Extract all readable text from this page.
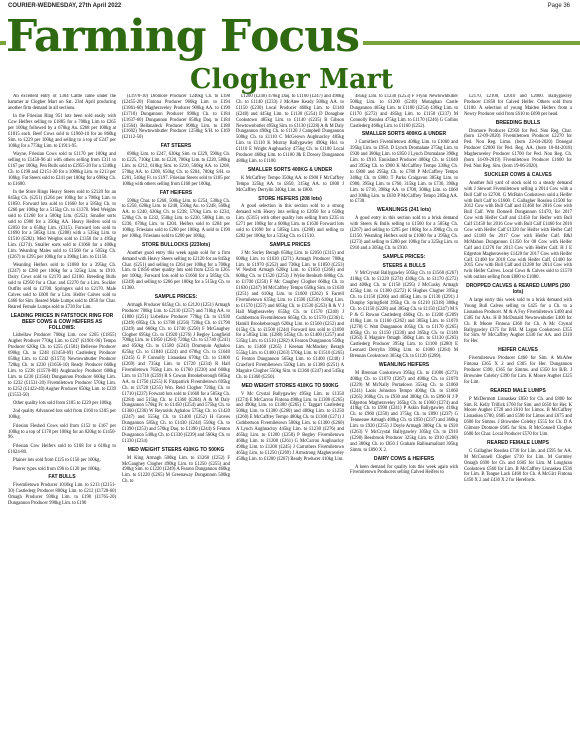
COURIER-WEDNESDAY, 27th April 2022	Page 36
Farming Focus
Clogher Mart

An excellent entry of 1304 Cattle came under the hammer at Clogher Mart on Sat. 23rd April producing another firm demand in all sections.

In the Friesian Ring 951 lots been sold easily with Cow Heifers selling to £1885 for a 700kg Lim to £265 per 100kg followed by a 670kg Au. £268 per 100kg at £1815 each. Beef Cows sold to £1960-10 for an 860kg Sim. to £229 per 100kg and selling to a top of £247 per 100kg for a 773kg Lim. to £1911-95.

Wayne, Friesian Cows sold to £1170 per 100kg and selling to £1450-96 all with others selling from £311 to £167 per 100kg. Pen Bulls sold to £2955-20 for a 1240kg Ch. to £198 and £2151-30 for a 1080kg Lim. to £213 per 100kg. Fat Steers sold to £241 per 100kg for a 698kg Ch. to £1680.

In the Store Rings Heavy Steers sold to £2120 for an 845kg Ch. (£251) (£264 per 100kg for a 700kg Lim. to £1850. Forward lots sold to £1660 for a 585kg Ch. to £266 per 100kg for a 515kg Ch. to £1370. Med Weights sold to £1260 for a 500kg Lim. (£252). Smaller sorts sold to £900 for a 350kg AA. Heavy Heifers sold to £2050 for a 650kg Lim. (£315). Forward lots sold to £1690 for a 585kg Lim. (£288) with a 535kg Lim. to £1510 (£282). Med Weights sold to £1350 for a 495kg Lim. (£274). Smaller sorts sold to £1060 for a 400kg Lim. Weanling Males sold to £1560 for a 505kg Ch. (£267) to £295 per 100kg for a 390kg Lim. to £1150.

Weanling Heifers sold to £1080 for a 395kg Ch. (£247) to £280 per 100kg for a 325kg Lim. to £910. Dairy Cows sold to £2170 and £2100. Breeding Bulls sold to £2950 for a Char. and £2270 for a Lim. Suckler Outfits sold to £2700. Springers sold to £2170. Male Calves sold to £600 for a Lim. Heifer Calves sold to £460 for Sim. Reared Male Lumps sold to £850 for Char. Reared Female Lumps sold to £730 for Lim.

LEADING PRICES IN FATSTOCK RING FOR BEEF COWS & COW HEIFERS AS FOLLOWS:

Lisbellaw Producer 700kg Lim. cow £265 (£1855) Augher Producer 770kg Lim. to £247 (£1901-96) Tempo Producer 620kg Ch. to £255 (£1581) Bellevue Producer 690kg Ch. to £248 (£1450-69) Castlederg Producer 650kg Lim. to £242 (£1573) Newtownbutler Producer 720kg Ch. to £230 (£1656-10) Ready Producer 660kg Lim. to £238 (£1570-80) Aughnacloy Producer 680kg Lim. to £230 (£1564) Dungannon Producer 660kg Lim. to £232 (£1531-20) Fivemiletown Producer 570kg Lim. to £252 (£1422-40) Augher Producer 650kg Lim. to £239 (£1553-50)

Other quality lots sold from £185 to £229 per 100kg.

2nd quality Advanced lots sold from £160 to £185 per 100kg.

Friesian Fleshed Cows sold from £152 to £167 per 100kg to a top of £178 per 100kg for an 820kg to £1450-96.

Friesian Cow Heifers sold to £168 for a 610kg to £1024-80.

Plainer lots sold from £125 to £150 per 100kg.

Poorer types sold from £96 to £120 per 100kg.

FAT BULLS

Fivemiletown Producer 1010kg Lim. to £213 (£2151-30) Castlederg Producer 800kg Lim. to £212 (£1728-60) Omagh Producer 930kg Lim. to £190 (£1765-20) Dungannon Producer 990kg Lim. to £190

(£1970-10) Dromore Producer 1240kg Ch. to £198 (£2455-20) Fintona Producer 960kg Lim. to £194 (£1861-60) Magheraveley Producer 900kg AA. to £190 (£1710) Dungannon Producer 890kg Ch. to £184 (£1637-60) Dungannon Producer 850kg Daq. to £184 (£1564) Bellanaleck Producer 890kg Lim. to £180 (£1602) Newtownbutler Producer 1250kg S/H. to £169 (£2112-50)

FAT STEERS

690kg Lim. to £247, 630kg Sim. to £229, 590kg Ch. to £225, 710kg Lim. to £220, 700kg Lim. to £220, 580kg Lim. to £212, 610kg Sim. to £210, 560kg AA. to £208, 570kg AA. to £208, 650kg Ch. to £204, 700kg S/H. to £201, 540kg Fr. to £197. Friesian Steers sold to £185 per 100kg with others selling from £168 per 100kg.

FAT HEIFERS

590kg Char. to £268, 500kg Lim. to £254, 530kg Ch. to £250, 620kg Lim. to £248, 550kg Au. to £248, 560kg AA. to £240, 630kg Ch. to £238, 570kg Lim. to £234, 520kg Ch. to £232, 550kg Lim. to £230, 580kg Lim. to £230, 670kg Lim. to £204. Heifers sold to £204 per 100kg. Friesians sold to £200 per 100kg. A sold to £190 per 100kg. Friesians sold to £200 per 100kg.

STORE BULLOCKS (223lots)

Another good entry this week again sold for a firm demand with Heavy Steers selling to £2120 for an 845kg Char. (£251) and selling to £264 per 100kg for a 700kg Lim. to £1850 other quality lots sold from £235 to £265 per 100kg. Forward lots sold to £1660 for a 585kg Ch. (£249) and selling to £266 per 100kg for a 515kg Ch. to £1360.

SAMPLE PRICES:

Armagh Producer 845kg Ch. to £2120 (£251) Armagh Producer 700kg Lim. to £2110 (£257) and 710kg AA. to £1800 (£251) Lisbellaw Producer 778kg Ch. to £1930 (£249) 695kg Ch. to £1780 (£256) 720kg Ch. to £1790 (£249) and 660kg Ch. to £1740 (£250) F McGaughey Clogher 695kg Ch. to £1920 (£276) J Begley Longfield 700kg Lim. to £1850 (£264) 720kg Ch. to £1740 (£241) and 650kg Ch. to £1580 (£243) Drumquin Aghaloo 825kg Ch. to £1840 (£224) and 670kg Ch. to £1640 (£245) G P Connolly Lisnaskea 670kg Ch. to £1800 (£269) and 735kg Lim. to £1720 (£234) R Hall Fivemiletown 765kg Lim. to £1760 (£230) and 660kg Lim. to £1710 (£259) R S Cowan Brookeborough 685kg AA. to £1750 (£255) K Fitzpatrick Fivemiletown 695kg Ch. to £1720 (£255) Wm. Reid Clogher 720kg Ch. to £1710 (£237) Forward lots sold to £1660 for a 585kg Ch. (£284) and 515kg Ch. to £1360 (£264) A & M Daly Dungannon 570kg Fr. to £1450 (£254) and 575kg Ch. to £1360 (£236) W Reynolds Aghaloo 575kg Ch. to £1420 (£247) and 555kg Ch. to £1400 (£252) H Groves Dungannon 585kg Ch. to £1430 (£244) 550kg Ch. to £1390 (£253) and 570kg Daq. to £1390 (£244) S Fenton Dungannon 540kg Ch. to £1330 (£239) and 560kg Ch. to £1330 (£234)

MED WEIGHT STEERS 410KG TO 500KG

M King Armagh 500kg Lim. to £1260 (£252) F McGaughey Clogher 490kg Lim. to £1250 (£255) and 490kg Sim. to £1220 (£249) A Fearon Dungannon 460kg Lim. to £1220 (£265) M Greenaway Dungannon 500kg Ch. to

£1200 (£240) 470kg Daq. to £1160 (£247) and 490kg Ch. to £1140 (£233) J McAtee Keady 500kg AA. to £1150 (£230) Local Producer 460kg Lim. to £1140 (£248) and 445kg Lim. to £1130 (£254) D Donaghue Cookstown 485kg Lim. to £1140 (£235) B Gibson Newtownbutler 495kg Sim. to £1130 (£228) A & M Daly Dungannon 490kg Ch. to £1120 J Campbell Dungannon 500kg Ch. to £1110 C McGeown Aughnacloy 485kg Lim. to £1110 K Murray Ballygawley 490kg Hol. to £1110 E Wright Aughnacloy 475kg Ch. to £1100 Local Producer 460kg Lim. to £1100 J& E Dowey Dungannon 480kg Lim. to £1100.

SMALLER SORTS 400KG & UNDER

K McCaffrey Tempo 350kg AA. to £900 F McCaffrey Tempo 325kg AA. to £850, 315kg AA. to £800 J McCaffrey Derrylin 340kg Lim. to £800.

STORE HEIFERS (208 lots)

A good selection in this section sold to a strong demand with Heavy lots selling to £2050 for a 650kg Lim. (£315) with other quality lots selling from £235 to £271 per 100kg for a 600kg Lim. to £1630 Forward lots sold to £1690 for a 585kg Lim. (£288) and selling to £282 per 100kg for a 535kg Ch. to £1510.

SAMPLE PRICES

J Mc Sorley Beragh 650kg Lim. to £2050 (£315) and 600kg Lim. to £1630 (£271) Armagh Producer 780kg Lim. to £1970 (£252) and 730kg Lim. to £1850 (£253) W Nesbitt Armagh 620kg Lim. to £1650 (£266) and 600kg Ch. to £1520 (£253) J Wylie Benburb 680kg Ch. to £1700 (£250) F Mc Caughey Clogher 660kg Ch. to £1630 (£247) M McCaffrey Tempo 650kg Sim. to £1630 (£251) and 610kg Lim. to £1600 (£262) S Farrell Fivemiletown 635kg Lim. to £1590 (£250) 610kg Lim. to £1570 (£257) and 605kg Ch. to £1530 (£253) R & V J Hall Magheraveley 655kg Ch. to £1570 (£240) J Cuthbertson Fivemiletown 665kg Ch. to £1570 (£236) L Hamill Brookeborough 620kg Lim. to £1560 (£252) and 615kg Ch. to £1500 (£244) Forward lots sold to £1690 for a 585kg Lim. (£288) 545kg Ch. to £1400 (£257) and 535kg Lim. to £1510 (£282) A Fearon Dungannon 550kg Lim. to £1460 (£265) J Keenan McMackey Beragh 555kg Lim. to £1460 (£263) 570kg Lim. to £1510 (£265) G Fenton Dungannon 565kg Lim. to £1400 (£248) J Crawford Fivemiletown 550kg Lim. to £1380 (£251) A Maguire Clogher 550kg Sim. to £1360 (£247) and 545kg Ch. to £1360 (£250).

MED WEIGHT STORES 410KG TO 500KG

V Mc Crystal Ballygawley 495kg Lim. to £1350 (£274) E McCarron Fintona 490kg Lim. to £1300 (£265) and 490kg Lim. to £1300 (£265) C Taggart Castlederg 500kg Lim. to £1300 (£260) and 480kg Lim. to £1250 (£260) E McCaffrey Tempo 480kg Ch. to £1300 (£271) J Cuthbertson Fivemiletown 500kg Lim. to £1300 (£260) A Lynch Aughnacloy 445kg Lim. to £1230 (£276) and 465kg Lim. to £1200 (£258) P Begley Fivemiletown 460kg Lim. to £1200 (£261) G McCarron Aughnacloy 490kg Lim. to £1200 (£245) J Carruthers Fivemiletown 465kg Lim. to £1250 (£269) J Armstrong Magheraveley 450kg Lim. to £1200 (£267) Ready Producer 410kg Lim.

485kg Lim. to £1230 (£253) F Flynn Newtownbutler 500kg Lim. to £1200 (£240) Monaghan Castle Dungannon 465kg Lim. to £1180 (£254) 430kg Lim. to £1170 (£272) and 485kg Lim. to £1150 (£237) M Connolly Rosslea 475kg Lim. to £1170 (£246) G Collins Castlederg 460kg Lim. to £1160 (£252).

SMALLER SORTS 400KG & UNDER

J Carruthers Fivemiletown 400kg Lim. to £1060 and 395kg Lim. to £950. D Lynch Dromalane 375kg Lim. to £930 and 380kg Lim. to £850 J Lynch Dromalane 390kg Lim. to £910. Ennisland Producer 400kg Ch. to £1040 and 395kg Ch. to £900 K McCaffrey Tempo 330kg Ch. to £800 and 295kg Ch. to £780 P McCaffrey Tempo 340kg Ch. to £800. T Parks Craigavon 385kg Lim. to £900, 395kg Lim. to £760, 315kg Lim. to £730, 390kg Lim. to £710, 398kg AA. to £700, 308kg Lim. to £660 and 300kg Lim. to £630 P McCaffrey Tempo 285kg AA. to £730.

WEANLINGS (241 lots)

A good entry in this section sold to a brisk demand with Steers & Bulls selling to £1560 for a 585kg Ch. (£267) and selling to £295 per 100kg for a 390kg Ch. to £1150. Weanling Heifers sold to £1080 for a 395kg Ch. (£273) and selling to £280 per 100kg for a 325kg Lim. to £910 and a 305kg Ch. to £910.

SAMPLE PRICES:
STEERS & BULLS

V McCrystal Ballygawley 505kg Ch. to £1560 (£267) 410kg Ch. to £1220 (£274) 430kg Ch. to £1170 (£272) and 400kg Ch. to £1150 (£295) J McCusky Armagh 425kg Lim. to £1300 (£272) K Hughes Clogher 395kg Ch. to £1150 (£266) and 405kg Lim. to £1130 (£291) J Dunphy Springfield 395kg Ch. to £1210 (£318) 380kg Ch. to £1150 (£228) and 385kg Ch. to £1150 (£247) M S P & G Rowan Castlederg 460kg Ch. to £1200 (£289) 410kg Lim. to £1160 (£262) and 385kg Lim. to £1070 (£278) C Watt Dungannon 405kg Ch. to £1170 (£265) 405kg Ch. to £1150 (£230) and 365kg Ch. to £1140 (£263) E Maguire Omagh 360kg Lim. to £1130 (£263) Castlederg Producer 395kg Lim. to £1100 (£280) E Leonard Derrylin 390kg Lim. to £1000 (£264) M Brennan Cookstown 365kg Ch. to £1120 (£289).

WEANLING HEIFERS

M Brennan Cookstown 395kg Ch. to £1080 (£273) 400kg Ch. to £1070 (£267) and 400kg Ch. to £1070 (£229) M McNally Portadown 355kg Ch. to £1060 (£241) Laois Johnston Tempo 400kg Ch. to £1060 (£265) 360kg Ch. to £930 and 380kg Ch. to £890 H J P Edgerton Magheraveley 365kg Ch. to £1060 (£274) and 410kg Ch. to £990 (£241) P Askin Ballygawley 410kg Ch. to £960 (£250) and 375kg Ch. to £890 (£237) G Tennessee Armagh 400kg Ch. to £950 (£237) and 360kg Lim. to £920 (£255) J Doyle Armagh 380kg Ch. to £920 (£263) V McCrystal Ballygawley 305kg Ch. to £910 (£298) Bessbrook Producer 325kg Lim. to £910 (£280) and 380kg Ch. to £850 J Graham Ballinamallard 305kg Simm. to £890 X 2.

DAIRY COWS & HEIFERS

A keen demand for quality lots this week again with Fivemiletown Producers selling Calved Heifers to

£2170, £2100, £2010 and £2000. Ballygawley Producer £1850 for Calved Heifer. Others sold from £1180. A selection of young Maiden Heifers from a Newry Producer sold from £610 to £690 per head.

BREEDING BULLS

Dromore Producer £2950 for Ped. Non Reg. Char. (born 12-09-2020) Fivemiletown Producer £2270 for Ped. Non Reg. Limo. (born 23-04-2020) Donegal Producer £2000 for Ped. Reg. AA. (born 10-04-2018) Magheraveley Producer £1700 for Ped. Non Reg. Ch. (born 14-09-2019) Fivemiletown Producer £1660 for Ped. Non Reg. Sim. (born 19-06-2020).

SUCKLER COWS & CALVES

Another full yard of stock sold to a steady demand with J Stewart Fivemiletown selling a 2014 Cow with a Bull Calf to £2700. G McBain Cookstown sold a Heifer with Bull Calf to £1600. C Gallagher Rosslea £1500 for 2012 Cow with Bull Calf and £1460 for 2016 Cow with Bull Calf. Wm Donnell Dungannon £1470, for 2017 Cow with Heifer Calf and £1450 for Heifer with Bull Calf £1450 for 2016 Cow with Bull Calf £1460 for 2016 Cow with Heifer Calf £1320 for Heifer with Heifer Calf and £1180 for 2017 Cow with Heifer Calf. B&I McMahon Dungannon £1350 for 08 Cow with Heifer Calf and £1270 for 2013 Cow with Heifer Calf. H J E Edgerton Magheraveley £1420 for 2017 Cow with Heifer Calf. £1400 for 2018 Cow with Heifer Calf, £1400 for 2015 Cow with Bull Calf and £1280 for 2014 Cow with twin Heifer Calves. Local Cows & Calves sold to £1570 with outlots selling from £880 to £1080.

DROPPED CALVES & REARED LUMPS (260 lots)

A large entry this week sold to a brisk demand with Young Bull Calves selling to £425 for a Ch. to a Lisnaskea Producer. M & A Foy Fivemiletown £400 and £385 for AAs. H B McDonald Newtownbutler £400 for Ch. R Moore Fintona £360 for Ch. A Mc Crystal Ballygawley £375 for B/B. M Lagan Cookstown £355 for Sim. W McCaffrey Augher £330 for AA. and £310 for Her.

HEIFER CALVES

Fivemiletown Producer £460 for Sim. A McAfee Fintona £365 X 2 and £305 for Her. Dungannon Producer £390, £365 for Simms. and £350 for B/B. J Brownlee Colebry £390 for Lim. K Moore Augher £325 for Lim.

REARED MALE LUMPS

P McDermott Lisnaskea £850 for Ch. and £800 for Sim. R. Kelly Trillick £760 for Sim. and £650 for Her. K Moore Augher £720 and £610 for Limos. B McCaffrey Lisnaskea £700, £685 and £590 for Limos and £675 and £600 for Simms. J Brownlee Colebry £555 for Ch. D A Gilmore Dromore £605 for Sim. R McConnell Clogher £600 for Char. Local Producer £570 for Lim.

REARED FEMALE LUMPS

G Gallagher Rosslea £730 for Lim. and £595 for AA. M McConnell Clogher £710 for Lim. M Gormley Omagh £690 for Ch. and £605 for Lim. M Loughran Cookstown £560 for Lim. B McCaffrey Lisnaskea £536 for Lim. B Teague Lack £460 for Ch. A McGirr Fintona £450 X 2 and £430 X 2 for Herefords.
